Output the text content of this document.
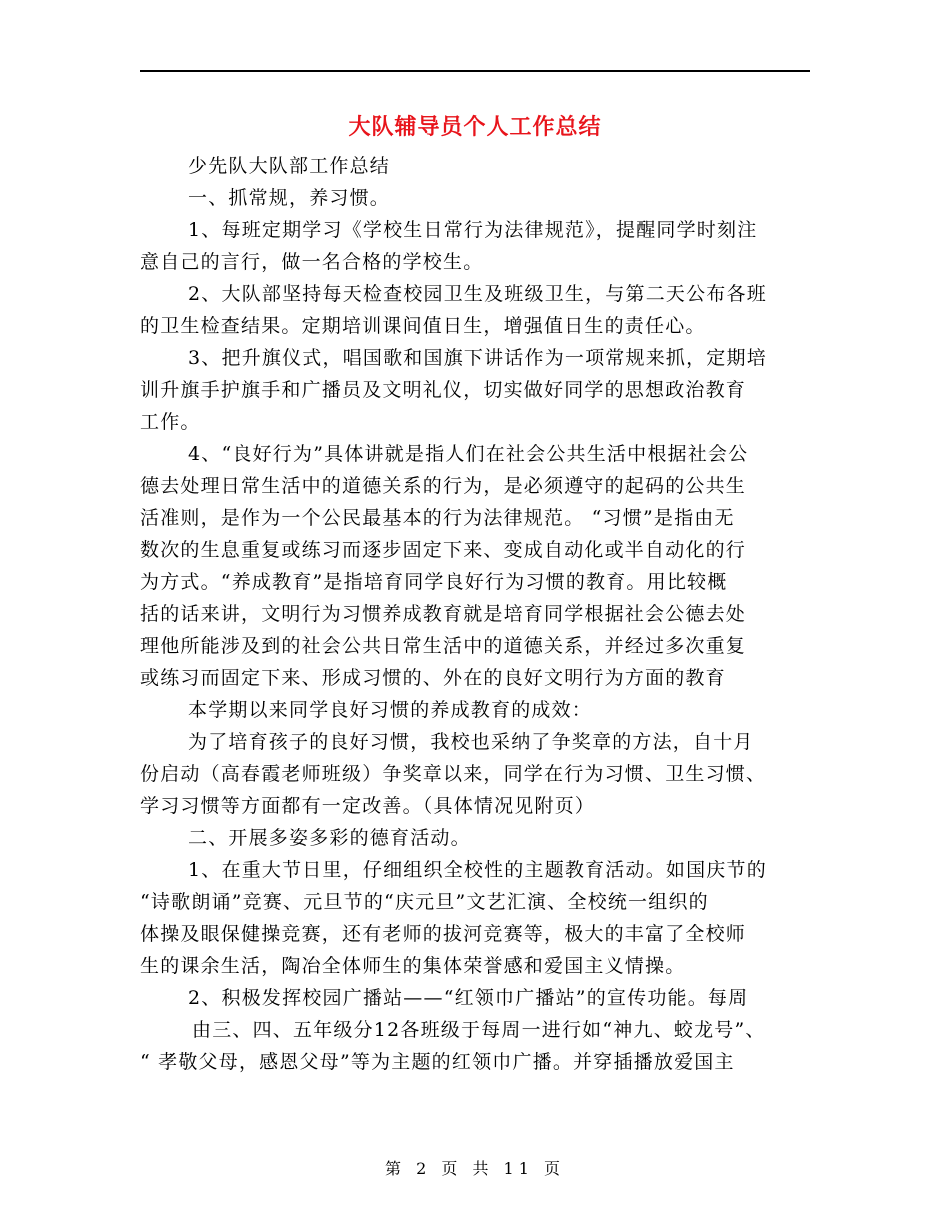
大队辅导员个人工作总结
少先队大队部工作总结
一、抓常规，养习惯。
1、每班定期学习《学校生日常行为法律规范》，提醒同学时刻注
意自己的言行，做一名合格的学校生。
2、大队部坚持每天检查校园卫生及班级卫生，与第二天公布各班
的卫生检查结果。定期培训课间值日生，增强值日生的责任心。
3、把升旗仪式，唱国歌和国旗下讲话作为一项常规来抓，定期培
训升旗手护旗手和广播员及文明礼仪，切实做好同学的思想政治教育
工作。
4、“良好行为”具体讲就是指人们在社会公共生活中根据社会公
德去处理日常生活中的道德关系的行为，是必须遵守的起码的公共生
活准则，是作为一个公民最基本的行为法律规范。 “习惯”是指由无
数次的生息重复或练习而逐步固定下来、变成自动化或半自动化的行
为方式。“养成教育”是指培育同学良好行为习惯的教育。用比较概
括的话来讲，文明行为习惯养成教育就是培育同学根据社会公德去处
理他所能涉及到的社会公共日常生活中的道德关系，并经过多次重复
或练习而固定下来、形成习惯的、外在的良好文明行为方面的教育
本学期以来同学良好习惯的养成教育的成效：
为了培育孩子的良好习惯，我校也采纳了争奖章的方法，自十月
份启动（高春霞老师班级）争奖章以来，同学在行为习惯、卫生习惯、
学习习惯等方面都有一定改善。（具体情况见附页）
二、开展多姿多彩的德育活动。
1、在重大节日里，仔细组织全校性的主题教育活动。如国庆节的
“诗歌朗诵”竞赛、元旦节的“庆元旦”文艺汇演、全校统一组织的
体操及眼保健操竞赛，还有老师的拔河竞赛等，极大的丰富了全校师
生的课余生活，陶冶全体师生的集体荣誉感和爱国主义情操。
2、积极发挥校园广播站——“红领巾广播站”的宣传功能。每周
由三、四、五年级分12各班级于每周一进行如“神九、蛟龙号”、
“ 孝敬父母，感恩父母”等为主题的红领巾广播。并穿插播放爱国主
第 2 页 共 11 页
